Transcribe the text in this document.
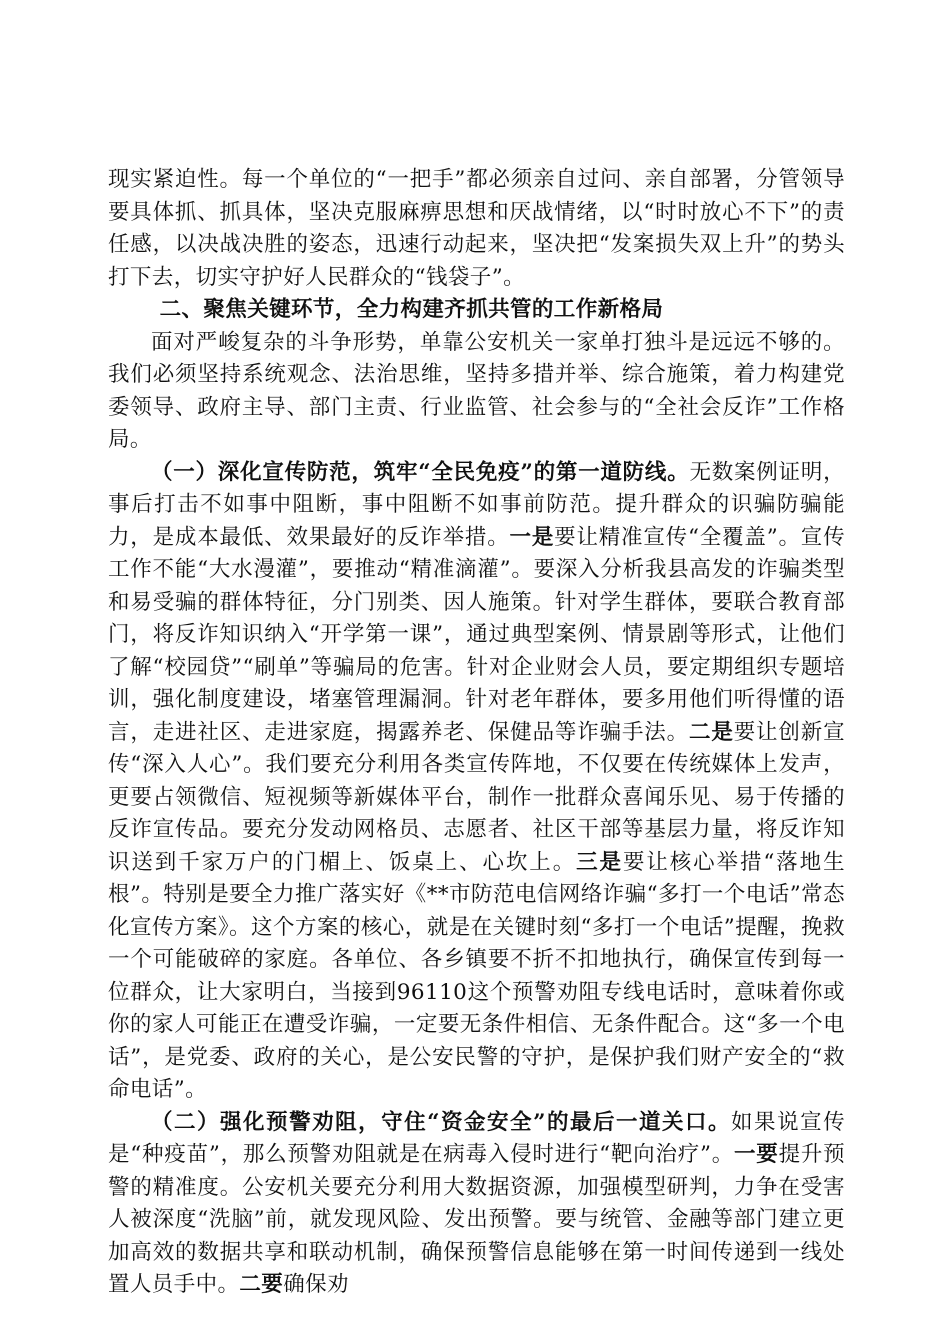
现实紧迫性。每一个单位的“一把手”都必须亲自过问、亲自部署，分管领导要具体抓、抓具体，坚决克服麻痹思想和厌战情绪，以“时时放心不下”的责任感，以决战决胜的姿态，迅速行动起来，坚决把“发案损失双上升”的势头打下去，切实守护好人民群众的“钱袋子”。

二、聚焦关键环节，全力构建齐抓共管的工作新格局

面对严峻复杂的斗争形势，单靠公安机关一家单打独斗是远远不够的。我们必须坚持系统观念、法治思维，坚持多措并举、综合施策，着力构建党委领导、政府主导、部门主责、行业监管、社会参与的“全社会反诈”工作格局。

（一）深化宣传防范，筑牢“全民免疫”的第一道防线。无数案例证明，事后打击不如事中阻断，事中阻断不如事前防范。提升群众的识骗防骗能力，是成本最低、效果最好的反诈举措。一是要让精准宣传“全覆盖”。宣传工作不能“大水漫灌”，要推动“精准滴灌”。要深入分析我县高发的诈骗类型和易受骗的群体特征，分门别类、因人施策。针对学生群体，要联合教育部门，将反诈知识纳入“开学第一课”，通过典型案例、情景剧等形式，让他们了解“校园贷”“刷单”等骗局的危害。针对企业财会人员，要定期组织专题培训，强化制度建设，堵塞管理漏洞。针对老年群体，要多用他们听得懂的语言，走进社区、走进家庭，揭露养老、保健品等诈骗手法。二是要让创新宣传“深入人心”。我们要充分利用各类宣传阵地，不仅要在传统媒体上发声，更要占领微信、短视频等新媒体平台，制作一批群众喜闻乐见、易于传播的反诈宣传品。要充分发动网格员、志愿者、社区干部等基层力量，将反诈知识送到千家万户的门楣上、饭桌上、心坎上。三是要让核心举措“落地生根”。特别是要全力推广落实好《**市防范电信网络诈骗“多打一个电话”常态化宣传方案》。这个方案的核心，就是在关键时刻“多打一个电话”提醒，挽救一个可能破碎的家庭。各单位、各乡镇要不折不扣地执行，确保宣传到每一位群众，让大家明白，当接到96110这个预警劝阻专线电话时，意味着你或你的家人可能正在遭受诈骗，一定要无条件相信、无条件配合。这“多一个电话”，是党委、政府的关心，是公安民警的守护，是保护我们财产安全的“救命电话”。

（二）强化预警劝阻，守住“资金安全”的最后一道关口。如果说宣传是“种疫苗”，那么预警劝阻就是在病毒入侵时进行“靶向治疗”。一要提升预警的精准度。公安机关要充分利用大数据资源，加强模型研判，力争在受害人被深度“洗脑”前，就发现风险、发出预警。要与统管、金融等部门建立更加高效的数据共享和联动机制，确保预警信息能够在第一时间传递到一线处置人员手中。二要确保劝
